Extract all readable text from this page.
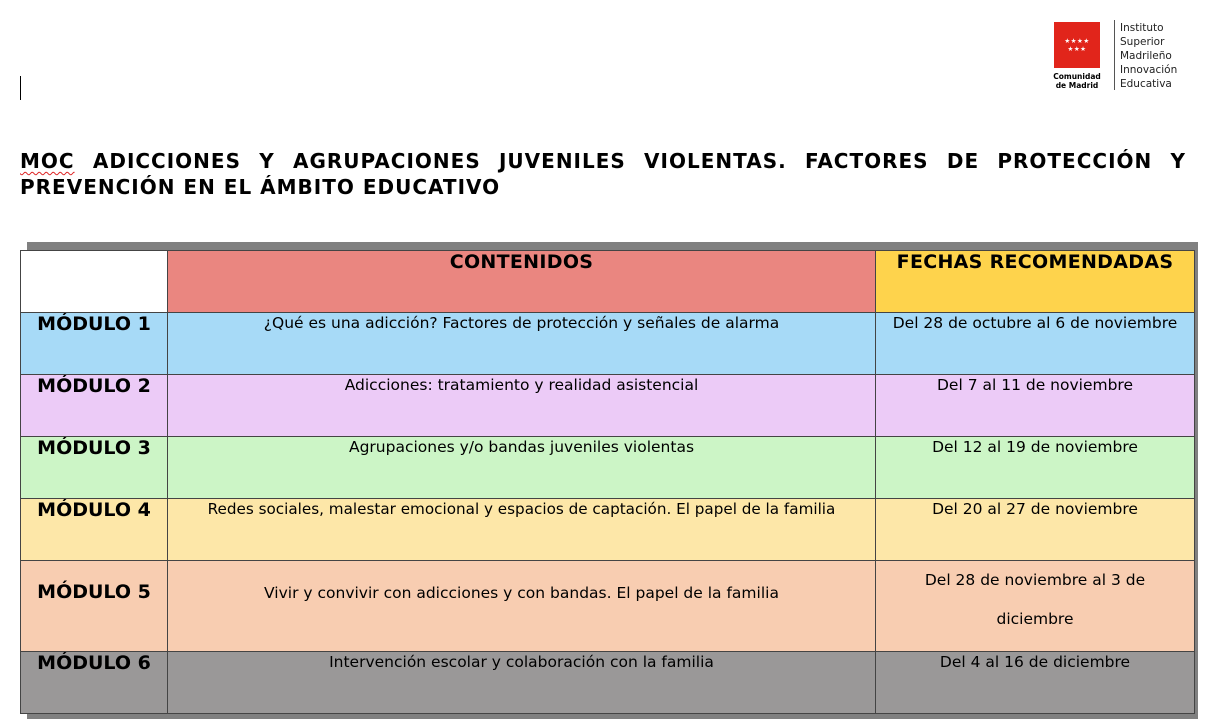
★★★★
★★★
Comunidad de Madrid
Instituto
Superior
Madrileño
Innovación
Educativa
MOC ADICCIONES Y AGRUPACIONES JUVENILES VIOLENTAS. FACTORES DE PROTECCIÓN Y PREVENCIÓN EN EL ÁMBITO EDUCATIVO
	CONTENIDOS	FECHAS RECOMENDADAS
MÓDULO 1	¿Qué es una adicción? Factores de protección y señales de alarma	Del 28 de octubre al 6 de noviembre
MÓDULO 2	Adicciones: tratamiento y realidad asistencial	Del 7 al 11 de noviembre
MÓDULO 3	Agrupaciones y/o bandas juveniles violentas	Del 12 al 19 de noviembre
MÓDULO 4	Redes sociales, malestar emocional y espacios de captación. El papel de la familia	Del 20 al 27 de noviembre
MÓDULO 5	Vivir y convivir con adicciones y con bandas. El papel de la familia	Del 28 de noviembre al 3 de diciembre
MÓDULO 6	Intervención escolar y colaboración con la familia	Del 4 al 16 de diciembre
